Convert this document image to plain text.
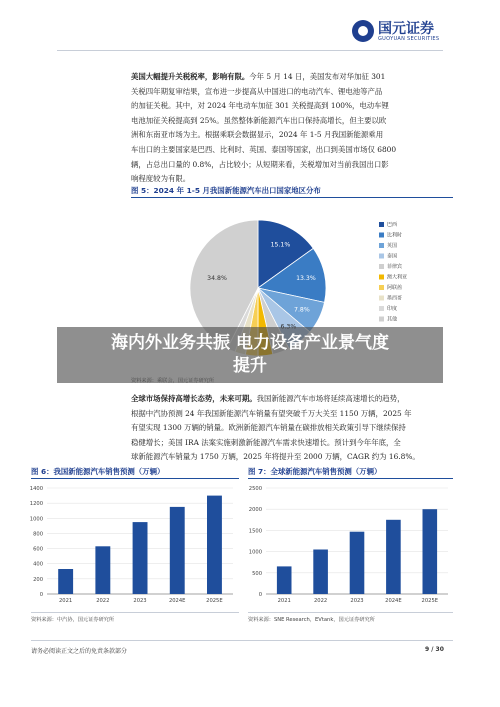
国元证券
GUOYUAN SECURITIES
美国大幅提升关税税率，影响有限。今年 5 月 14 日，美国发布对华加征 301
关税四年期复审结果，宣布进一步提高从中国进口的电动汽车、锂电池等产品
的加征关税。其中，对 2024 年电动车加征 301 关税提高到 100%，电动车锂
电池加征关税提高到 25%。虽然整体新能源汽车出口保持高增长，但主要以欧
洲和东南亚市场为主。根据乘联会数据显示，2024 年 1-5 月我国新能源乘用
车出口的主要国家是巴西、比利时、英国、泰国等国家，出口到美国市场仅 6800
辆，占总出口量的 0.8%，占比较小；从短期来看，关税增加对当前我国出口影
响程度较为有限。
图 5：2024 年 1-5 月我国新能源汽车出口国家地区分布
15.1%
13.3%
7.8%
34.8%
巴西
比利时
英国
泰国
菲律宾
澳大利亚
阿联酋
墨西哥
印度
其他
全球市场保持高增长态势，未来可期。我国新能源汽车市场将延续高速增长的趋势，
根据中汽协预测 24 年我国新能源汽车销量有望突破千万大关至 1150 万辆，2025 年
有望实现 1300 万辆的销量。欧洲新能源汽车销量在碳排放相关政策引导下继续保持
稳健增长；美国 IRA 法案实施刺激新能源汽车需求快速增长。预计到今年年底，全
球新能源汽车销量为 1750 万辆，2025 年将提升至 2000 万辆，CAGR 约为 16.8%。
图 6：我国新能源汽车销售预测（万辆）
0
200
400
600
800
1000
1200
1400
2021	2022	2023	2024E	2025E
资料来源：中汽协，国元证券研究所
图 7：全球新能源汽车销售预测（万辆）
0
500
1000
1500
2000
2500
2021	2022	2023	2024E	2025E
资料来源：SNE Research，EVtank，国元证券研究所
请务必阅读正文之后的免责条款部分	9 / 30
海内外业务共振 电力设备产业景气度
提升
